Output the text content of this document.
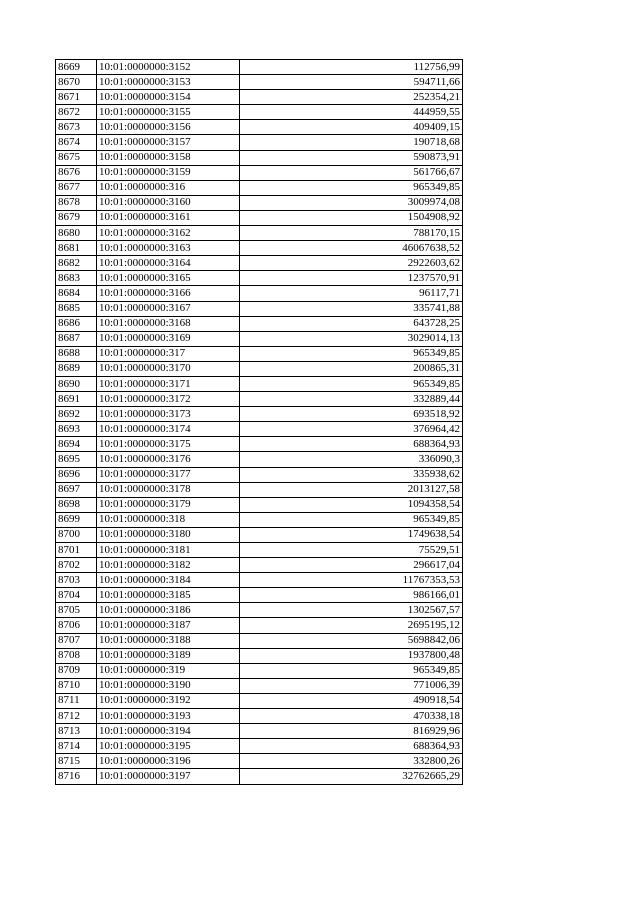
8669	10:01:0000000:3152	112756,99
8670	10:01:0000000:3153	594711,66
8671	10:01:0000000:3154	252354,21
8672	10:01:0000000:3155	444959,55
8673	10:01:0000000:3156	409409,15
8674	10:01:0000000:3157	190718,68
8675	10:01:0000000:3158	590873,91
8676	10:01:0000000:3159	561766,67
8677	10:01:0000000:316	965349,85
8678	10:01:0000000:3160	3009974,08
8679	10:01:0000000:3161	1504908,92
8680	10:01:0000000:3162	788170,15
8681	10:01:0000000:3163	46067638,52
8682	10:01:0000000:3164	2922603,62
8683	10:01:0000000:3165	1237570,91
8684	10:01:0000000:3166	96117,71
8685	10:01:0000000:3167	335741,88
8686	10:01:0000000:3168	643728,25
8687	10:01:0000000:3169	3029014,13
8688	10:01:0000000:317	965349,85
8689	10:01:0000000:3170	200865,31
8690	10:01:0000000:3171	965349,85
8691	10:01:0000000:3172	332889,44
8692	10:01:0000000:3173	693518,92
8693	10:01:0000000:3174	376964,42
8694	10:01:0000000:3175	688364,93
8695	10:01:0000000:3176	336090,3
8696	10:01:0000000:3177	335938,62
8697	10:01:0000000:3178	2013127,58
8698	10:01:0000000:3179	1094358,54
8699	10:01:0000000:318	965349,85
8700	10:01:0000000:3180	1749638,54
8701	10:01:0000000:3181	75529,51
8702	10:01:0000000:3182	296617,04
8703	10:01:0000000:3184	11767353,53
8704	10:01:0000000:3185	986166,01
8705	10:01:0000000:3186	1302567,57
8706	10:01:0000000:3187	2695195,12
8707	10:01:0000000:3188	5698842,06
8708	10:01:0000000:3189	1937800,48
8709	10:01:0000000:319	965349,85
8710	10:01:0000000:3190	771006,39
8711	10:01:0000000:3192	490918,54
8712	10:01:0000000:3193	470338,18
8713	10:01:0000000:3194	816929,96
8714	10:01:0000000:3195	688364,93
8715	10:01:0000000:3196	332800,26
8716	10:01:0000000:3197	32762665,29
